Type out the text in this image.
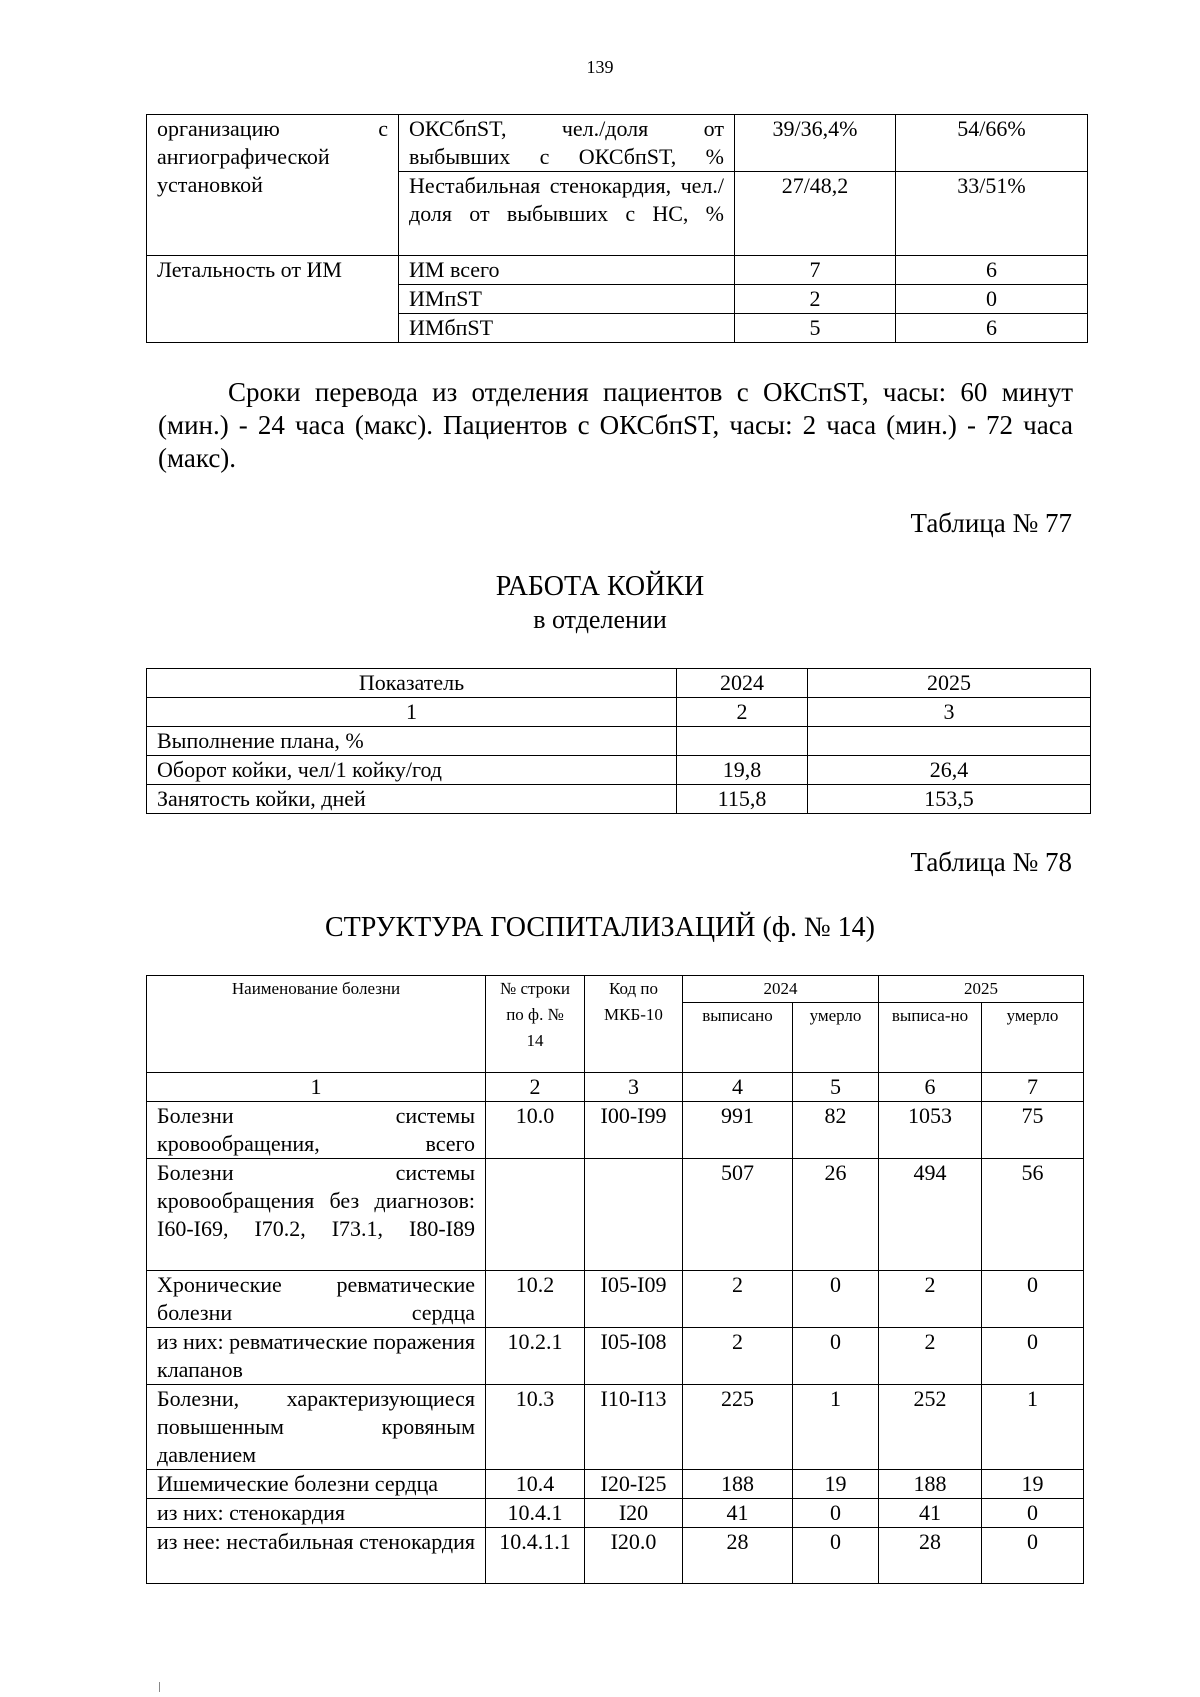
139
организацию с ангиографической установкой	ОКСбпST, чел./доля от выбывших с ОКСбпST, %	39/36,4%	54/66%
	Нестабильная стенокардия, чел./доля от выбывших с НС, %	27/48,2	33/51%
Летальность от ИМ	ИМ всего	7	6
	ИМпST	2	0
	ИМбпST	5	6

Сроки перевода из отделения пациентов с ОКСпST, часы: 60 минут (мин.) - 24 часа (макс). Пациентов с ОКСбпST, часы: 2 часа (мин.) - 72 часа (макс).

Таблица № 77
РАБОТА КОЙКИ
в отделении
Показатель	2024	2025
1	2	3
Выполнение плана, %		
Оборот койки, чел/1 койку/год	19,8	26,4
Занятость койки, дней	115,8	153,5
Таблица № 78
СТРУКТУРА ГОСПИТАЛИЗАЦИЙ (ф. № 14)
Наименование болезни	№ строки по ф. № 14	Код по МКБ-10	2024		2025	
			выписано	умерло	выписа-но	умерло
1	2	3	4	5	6	7
Болезни системы кровообращения, всего	10.0	I00-I99	991	82	1053	75
Болезни системы кровообращения без диагнозов: I60-I69, I70.2, I73.1, I80-I89			507	26	494	56
Хронические ревматические болезни сердца	10.2	I05-I09	2	0	2	0
из них: ревматические поражения клапанов	10.2.1	I05-I08	2	0	2	0
Болезни, характеризующиеся повышенным кровяным давлением	10.3	I10-I13	225	1	252	1
Ишемические болезни сердца	10.4	I20-I25	188	19	188	19
из них: стенокардия	10.4.1	I20	41	0	41	0
из нее: нестабильная стенокардия	10.4.1.1	I20.0	28	0	28	0
